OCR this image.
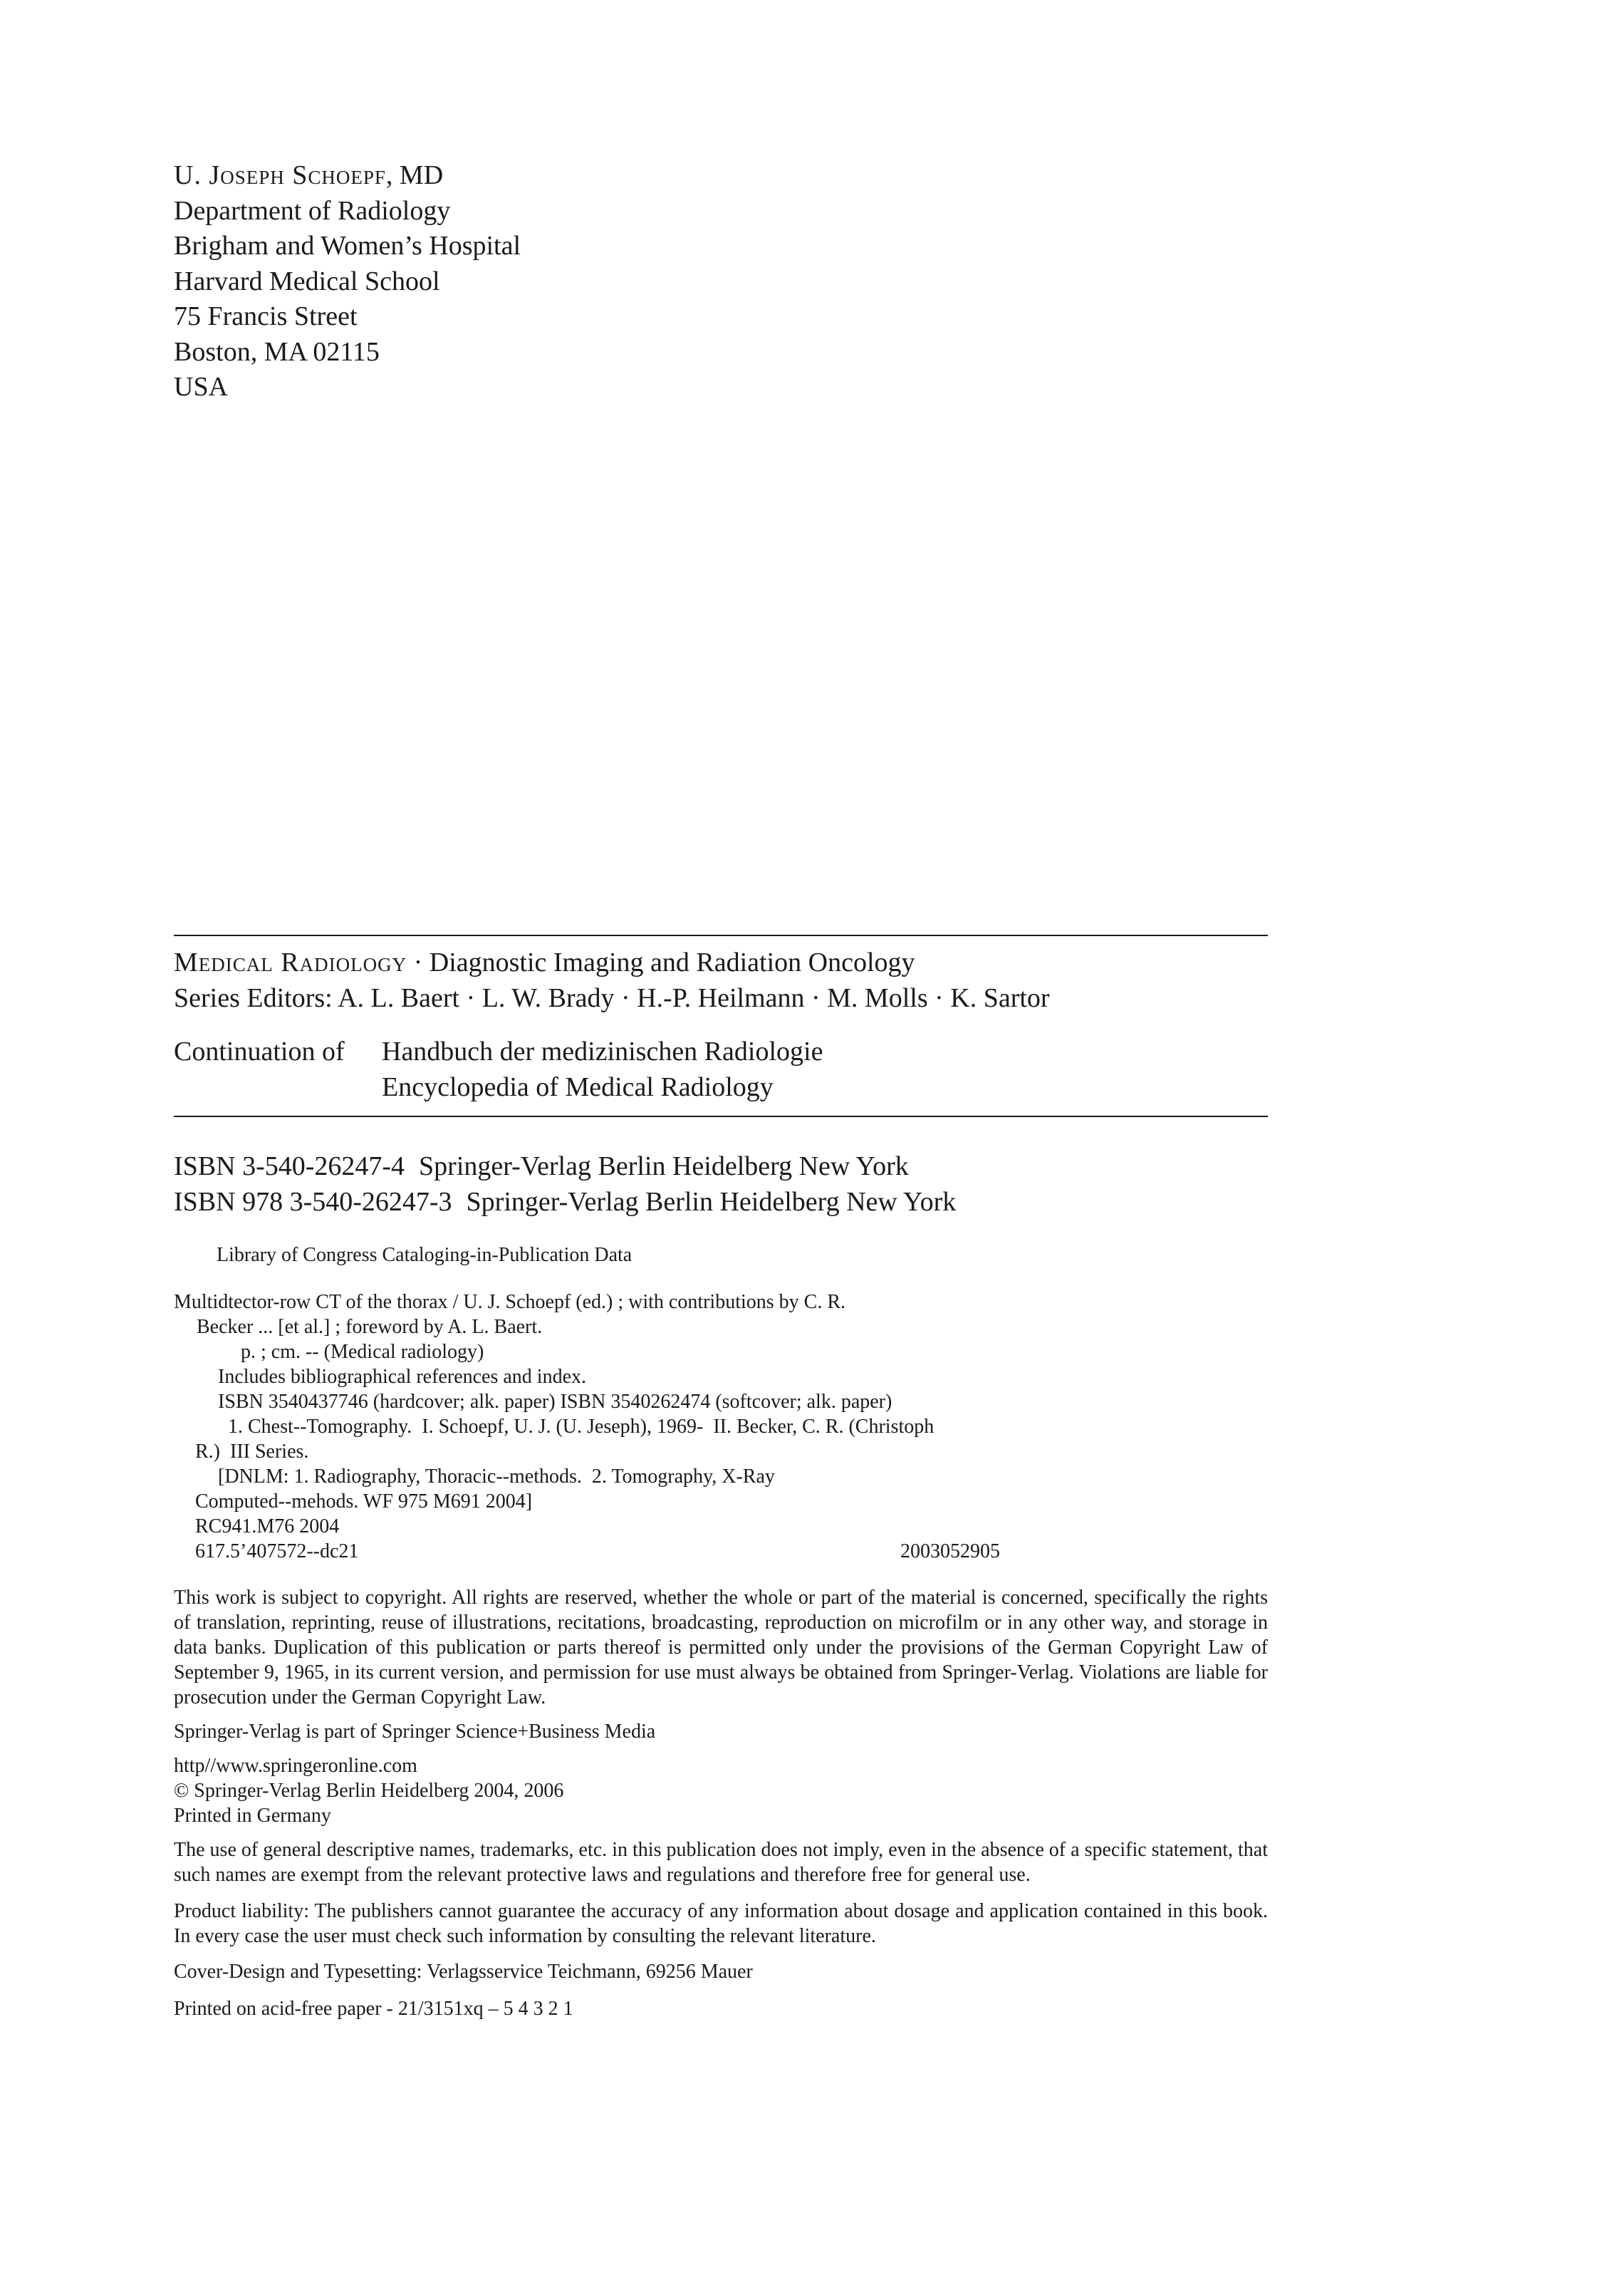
U. Joseph Schoepf, MD
Department of Radiology
Brigham and Women’s Hospital
Harvard Medical School
75 Francis Street
Boston, MA 02115
USA
Medical Radiology · Diagnostic Imaging and Radiation Oncology
Series Editors: A. L. Baert · L. W. Brady · H.-P. Heilmann · M. Molls · K. Sartor
Continuation of Handbuch der medizinischen Radiologie
Encyclopedia of Medical Radiology
ISBN 3-540-26247-4 Springer-Verlag Berlin Heidelberg New York
ISBN 978 3-540-26247-3 Springer-Verlag Berlin Heidelberg New York
Library of Congress Cataloging-in-Publication Data
Multidtector-row CT of the thorax / U. J. Schoepf (ed.) ; with contributions by C. R.
Becker ... [et al.] ; foreword by A. L. Baert.
p. ; cm. -- (Medical radiology)
Includes bibliographical references and index.
ISBN 3540437746 (hardcover; alk. paper) ISBN 3540262474 (softcover; alk. paper)
1. Chest--Tomography.  I. Schoepf, U. J. (U. Jeseph), 1969-  II. Becker, C. R. (Christoph
R.)  III Series.
[DNLM: 1. Radiography, Thoracic--methods.  2. Tomography, X-Ray
Computed--mehods. WF 975 M691 2004]
RC941.M76 2004
617.5’407572--dc21	2003052905
This work is subject to copyright. All rights are reserved, whether the whole or part of the material is concerned, specifically the rights of translation, reprinting, reuse of illustrations, recitations, broadcasting, reproduction on microfilm or in any other way, and storage in data banks. Duplication of this publication or parts thereof is permitted only under the provisions of the German Copyright Law of September 9, 1965, in its current version, and permission for use must always be obtained from Springer-Verlag. Violations are liable for prosecution under the German Copyright Law.
Springer-Verlag is part of Springer Science+Business Media
http//www.springeronline.com
© Springer-Verlag Berlin Heidelberg 2004, 2006
Printed in Germany
The use of general descriptive names, trademarks, etc. in this publication does not imply, even in the absence of a specific statement, that such names are exempt from the relevant protective laws and regulations and therefore free for general use.
Product liability: The publishers cannot guarantee the accuracy of any information about dosage and application contained in this book. In every case the user must check such information by consulting the relevant literature.
Cover-Design and Typesetting: Verlagsservice Teichmann, 69256 Mauer
Printed on acid-free paper - 21/3151xq – 5 4 3 2 1
